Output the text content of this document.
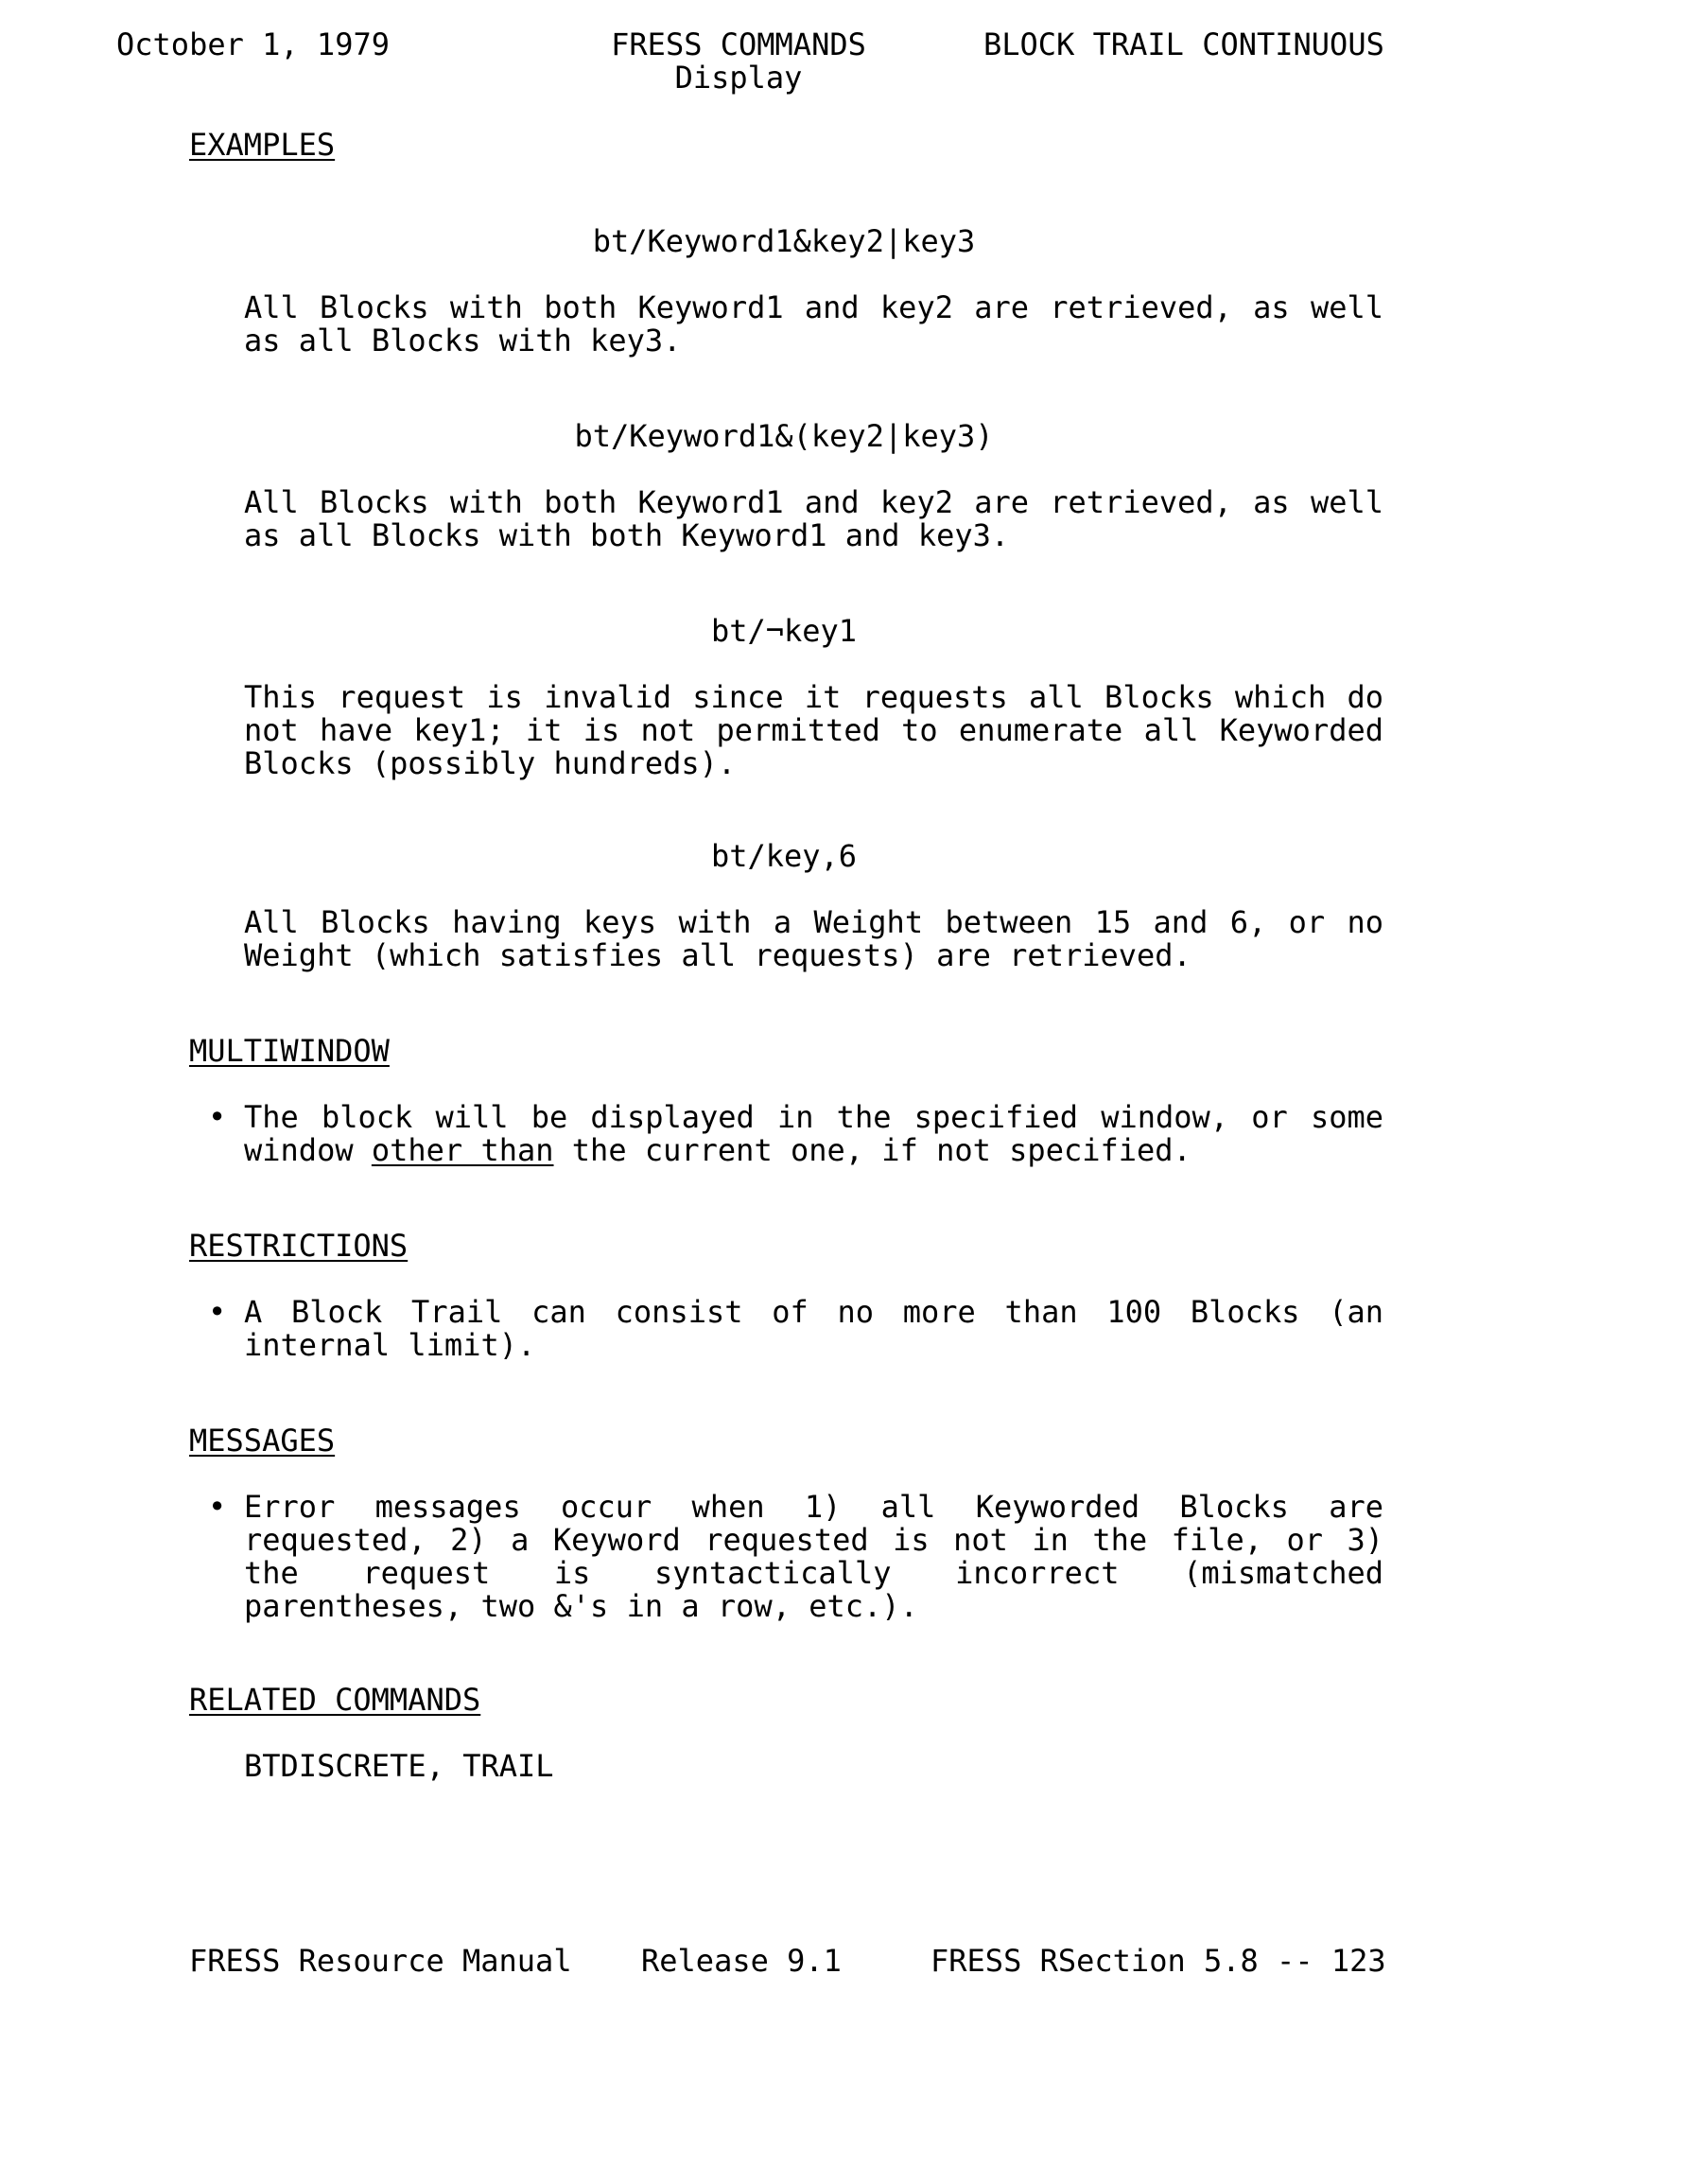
October 1, 1979	FRESS COMMANDS
Display
BLOCK TRAIL CONTINUOUS
EXAMPLES
bt/Keyword1&key2|key3
All Blocks with both Keyword1 and key2 are retrieved, as well as all Blocks with key3.
bt/Keyword1&(key2|key3)
All Blocks with both Keyword1 and key2 are retrieved, as well as all Blocks with both Keyword1 and key3.
bt/¬key1
This request is invalid since it requests all Blocks which do not have key1; it is not permitted to enumerate all Keyworded Blocks (possibly hundreds).
bt/key,6
All Blocks having keys with a Weight between 15 and 6, or no Weight (which satisfies all requests) are retrieved.
MULTIWINDOW
• The block will be displayed in the specified window, or some window other than the current one, if not specified.
RESTRICTIONS
• A Block Trail can consist of no more than 100 Blocks (an internal limit).
MESSAGES
• Error messages occur when 1) all Keyworded Blocks are requested, 2) a Keyword requested is not in the file, or 3) the request is syntactically incorrect (mismatched parentheses, two &'s in a row, etc.).
RELATED COMMANDS
BTDISCRETE, TRAIL
FRESS Resource Manual Release 9.1	FRESS RSection 5.8 -- 123
